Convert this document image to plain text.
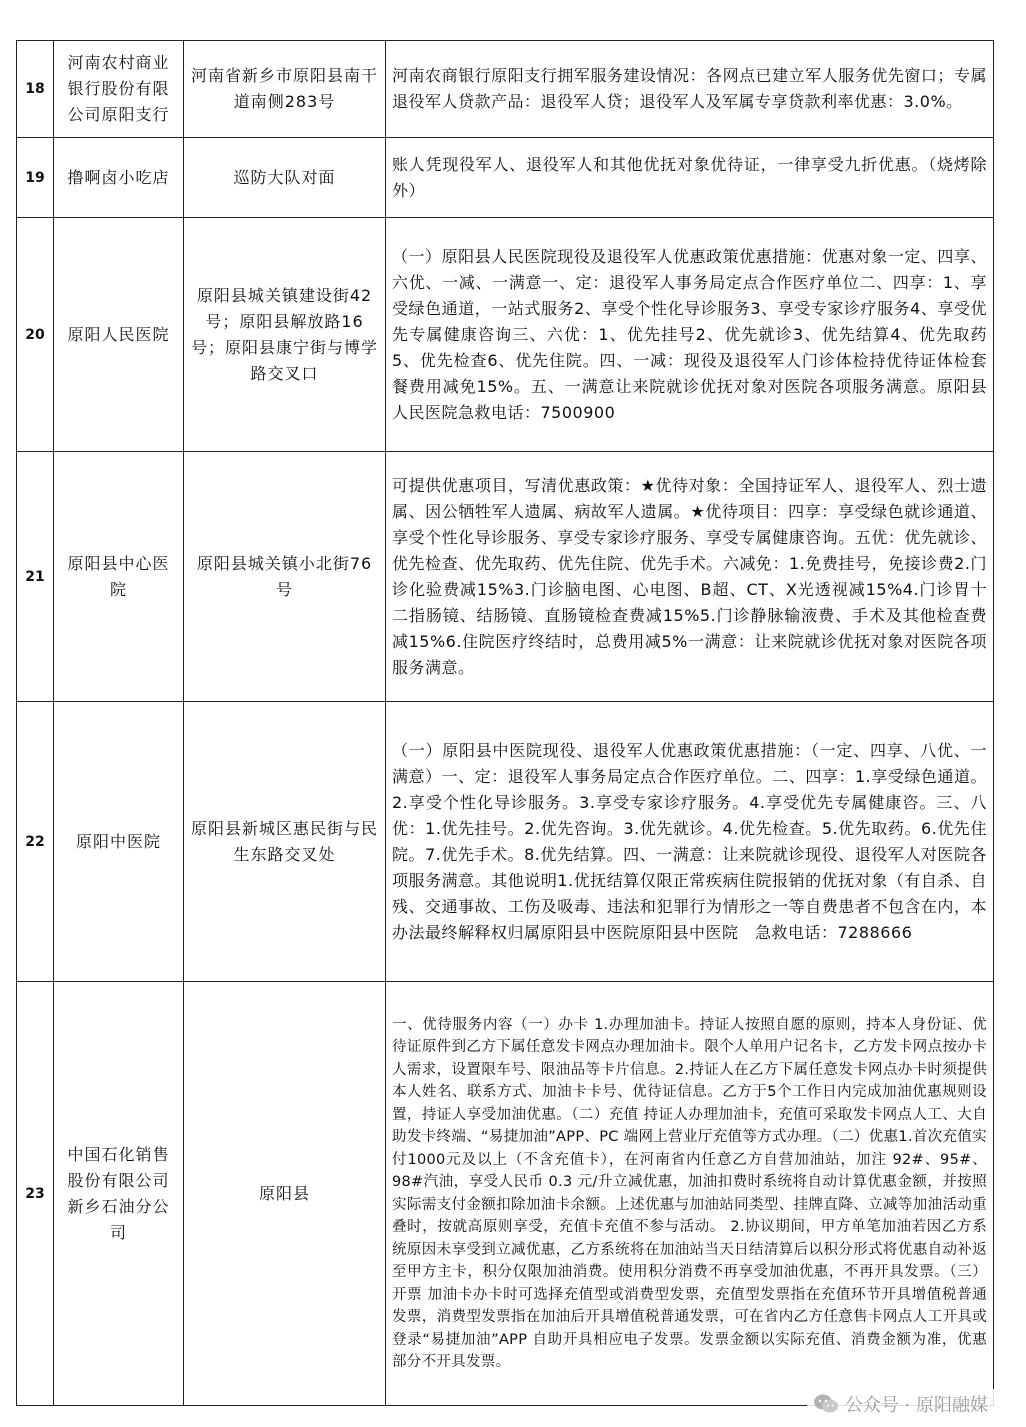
18	河南农村商业银行股份有限公司原阳支行	河南省新乡市原阳县南干道南侧283号	河南农商银行原阳支行拥军服务建设情况：各网点已建立军人服务优先窗口；专属退役军人贷款产品：退役军人贷；退役军人及军属专享贷款利率优惠：3.0%。
19	撸啊卤小吃店	巡防大队对面	账人凭现役军人、退役军人和其他优抚对象优待证，一律享受九折优惠。（烧烤除外）
20	原阳人民医院	原阳县城关镇建设街42号；原阳县解放路16号；原阳县康宁街与博学路交叉口	（一）原阳县人民医院现役及退役军人优惠政策优惠措施：优惠对象一定、四享、六优、一减、一满意一、定：退役军人事务局定点合作医疗单位二、四享：1、享受绿色通道，一站式服务2、享受个性化导诊服务3、享受专家诊疗服务4、享受优先专属健康咨询三、六优：1、优先挂号2、优先就诊3、优先结算4、优先取药5、优先检查6、优先住院。四、一减：现役及退役军人门诊体检持优待证体检套餐费用减免15%。五、一满意让来院就诊优抚对象对医院各项服务满意。原阳县人民医院急救电话：7500900
21	原阳县中心医院	原阳县城关镇小北街76号	可提供优惠项目，写清优惠政策：★优待对象：全国持证军人、退役军人、烈士遗属、因公牺牲军人遗属、病故军人遗属。★优待项目：四享：享受绿色就诊通道、享受个性化导诊服务、享受专家诊疗服务、享受专属健康咨询。五优：优先就诊、优先检查、优先取药、优先住院、优先手术。六减免：1.免费挂号，免接诊费2.门诊化验费减15%3.门诊脑电图、心电图、B超、CT、X光透视减15%4.门诊胃十二指肠镜、结肠镜、直肠镜检查费减15%5.门诊静脉输液费、手术及其他检查费减15%6.住院医疗终结时，总费用减5%一满意：让来院就诊优抚对象对医院各项服务满意。
22	原阳中医院	原阳县新城区惠民街与民生东路交叉处	（一）原阳县中医院现役、退役军人优惠政策优惠措施：（一定、四享、八优、一满意）一、定：退役军人事务局定点合作医疗单位。二、四享：1.享受绿色通道。2.享受个性化导诊服务。3.享受专家诊疗服务。4.享受优先专属健康咨。三、八优：1.优先挂号。2.优先咨询。3.优先就诊。4.优先检查。5.优先取药。6.优先住院。7.优先手术。8.优先结算。四、一满意：让来院就诊现役、退役军人对医院各项服务满意。其他说明1.优抚结算仅限正常疾病住院报销的优抚对象（有自杀、自残、交通事故、工伤及吸毒、违法和犯罪行为情形之一等自费患者不包含在内，本办法最终解释权归属原阳县中医院原阳县中医院　急救电话：7288666
23	中国石化销售股份有限公司新乡石油分公司	原阳县	一、优待服务内容（一）办卡 1.办理加油卡。持证人按照自愿的原则，持本人身份证、优待证原件到乙方下属任意发卡网点办理加油卡。限个人单用户记名卡，乙方发卡网点按办卡人需求，设置限车号、限油品等卡片信息。2.持证人在乙方下属任意发卡网点办卡时须提供本人姓名、联系方式、加油卡卡号、优待证信息。乙方于5个工作日内完成加油优惠规则设置，持证人享受加油优惠。（二）充值 持证人办理加油卡，充值可采取发卡网点人工、大自助发卡终端、“易捷加油”APP、PC 端网上营业厅充值等方式办理。（二）优惠1.首次充值实付1000元及以上（不含充值卡），在河南省内任意乙方自营加油站，加注 92#、95#、98#汽油，享受人民币 0.3 元/升立减优惠，加油扣费时系统将自动计算优惠金额，并按照实际需支付金额扣除加油卡余额。上述优惠与加油站同类型、挂牌直降、立减等加油活动重叠时，按就高原则享受，充值卡充值不参与活动。 2.协议期间，甲方单笔加油若因乙方系统原因未享受到立减优惠，乙方系统将在加油站当天日结清算后以积分形式将优惠自动补返至甲方主卡，积分仅限加油消费。使用积分消费不再享受加油优惠，不再开具发票。（三）开票 加油卡办卡时可选择充值型或消费型发票，充值型发票指在充值环节开具增值税普通发票，消费型发票指在加油后开具增值税普通发票，可在省内乙方任意售卡网点人工开具或登录“易捷加油”APP 自助开具相应电子发票。发票金额以实际充值、消费金额为准，优惠部分不开具发票。
公众号 · 原阳融媒
